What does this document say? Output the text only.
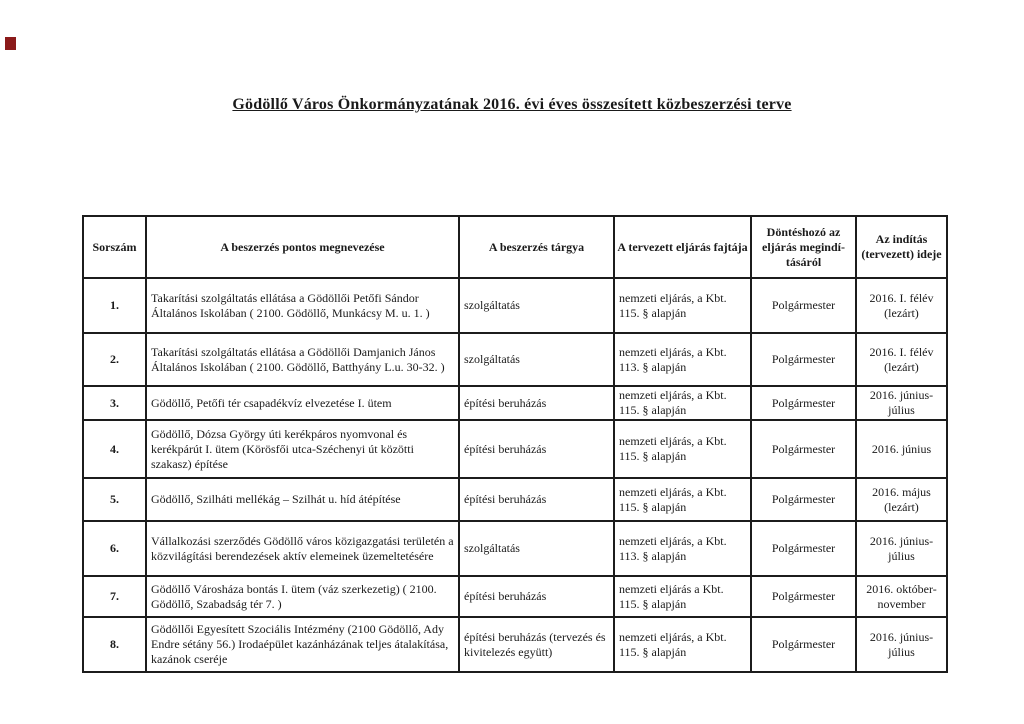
Gödöllő Város Önkormányzatának 2016. évi éves összesített közbeszerzési terve
Sorszám	A beszerzés pontos megnevezése	A beszerzés tárgya	A tervezett eljárás fajtája	Döntéshozó az eljárás megindí-tásáról	Az indítás (tervezett) ideje
1.	Takarítási szolgáltatás ellátása a Gödöllői Petőfi Sándor Általános Iskolában ( 2100. Gödöllő, Munkácsy M. u. 1. )	szolgáltatás	nemzeti eljárás, a Kbt. 115. § alapján	Polgármester	2016. I. félév (lezárt)
2.	Takarítási szolgáltatás ellátása a Gödöllői Damjanich János Általános Iskolában ( 2100. Gödöllő, Batthyány L.u. 30-32. )	szolgáltatás	nemzeti eljárás, a Kbt. 113. § alapján	Polgármester	2016. I. félév (lezárt)
3.	Gödöllő, Petőfi tér csapadékvíz elvezetése I. ütem	építési beruházás	nemzeti eljárás, a Kbt. 115. § alapján	Polgármester	2016. június-július
4.	Gödöllő, Dózsa György úti kerékpáros nyomvonal és kerékpárút I. ütem (Körösfői utca-Széchenyi út közötti szakasz) építése	építési beruházás	nemzeti eljárás, a Kbt. 115. § alapján	Polgármester	2016. június
5.	Gödöllő, Szilháti mellékág – Szilhát u. híd átépítése	építési beruházás	nemzeti eljárás, a Kbt. 115. § alapján	Polgármester	2016. május (lezárt)
6.	Vállalkozási szerződés Gödöllő város közigazgatási területén a közvilágítási berendezések aktív elemeinek üzemeltetésére	szolgáltatás	nemzeti eljárás, a Kbt. 113. § alapján	Polgármester	2016. június-július
7.	Gödöllő Városháza bontás I. ütem (váz szerkezetig) ( 2100. Gödöllő, Szabadság tér 7. )	építési beruházás	nemzeti eljárás a Kbt. 115. § alapján	Polgármester	2016. október-november
8.	Gödöllői Egyesített Szociális Intézmény (2100 Gödöllő, Ady Endre sétány 56.) Irodaépület kazánházának teljes átalakítása, kazánok cseréje	építési beruházás (tervezés és kivitelezés együtt)	nemzeti eljárás, a Kbt. 115. § alapján	Polgármester	2016. június-július
